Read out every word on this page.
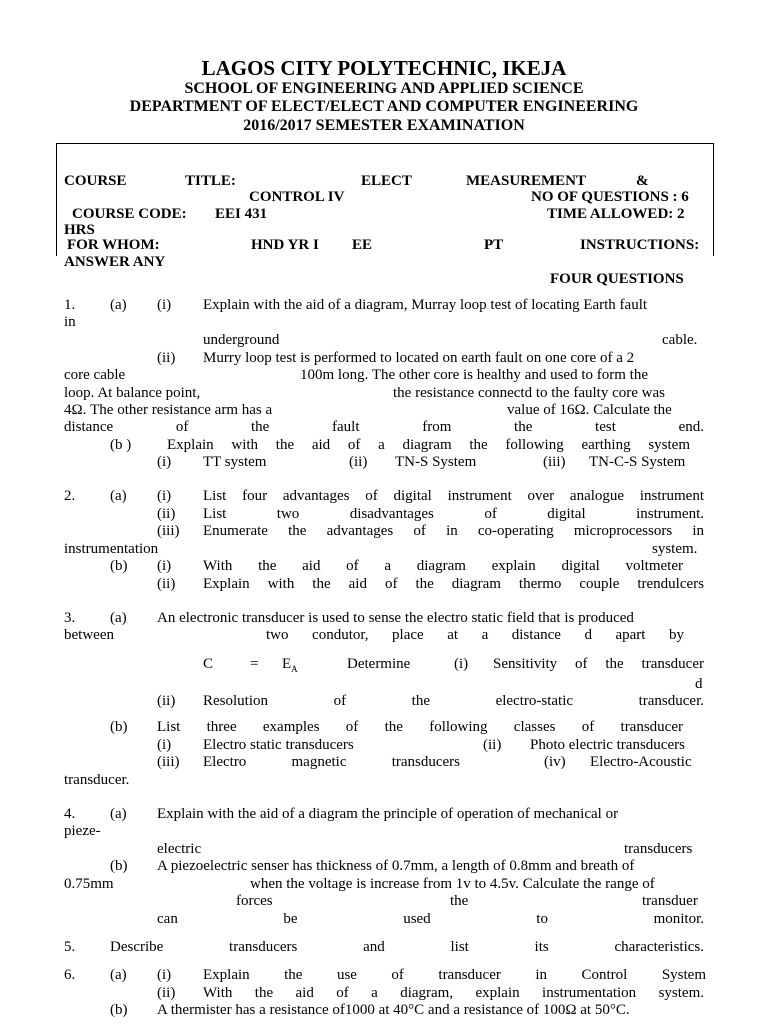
LAGOS CITY POLYTECHNIC, IKEJA
SCHOOL OF ENGINEERING AND APPLIED SCIENCE
DEPARTMENT OF ELECT/ELECT AND COMPUTER ENGINEERING
2016/2017 SEMESTER EXAMINATION
COURSE	TITLE:	ELECT	MEASUREMENT	&
CONTROL IV	NO OF QUESTIONS : 6
COURSE CODE: EEI 431	TIME ALLOWED: 2
HRS
FOR WHOM:	HND YR I EE	PT	INSTRUCTIONS:
ANSWER ANY
FOUR QUESTIONS
1. (a) (i) Explain with the aid of a diagram, Murray loop test of locating Earth fault
in
underground	cable.
(ii) Murry loop test is performed to located on earth fault on one core of a 2
core cable	100m long. The other core is healthy and used to form the
loop. At balance point,	the resistance connectd to the faulty core was
4Ω. The other resistance arm has a	value of 16Ω. Calculate the
distance of the fault from the test end.
(b ) Explain with the aid of a diagram the following earthing system
(i) TT system	(ii) TN-S System	(iii) TN-C-S System
2. (a) (i) List four advantages of digital instrument over analogue instrument
(ii) List two disadvantages of digital instrument.
(iii) Enumerate the advantages of in co-operating microprocessors in
instrumentation	system.
(b) (i) With the aid of a diagram explain digital voltmeter
(ii) Explain with the aid of the diagram thermo couple trendulcers
3. (a) An electronic transducer is used to sense the electro static field that is produced
between	two condutor, place at a distance d apart by
$C = E_A$	Determine	(i) Sensitivity of the transducer
d
(ii) Resolution of the electro-static transducer.
(b) List three examples of the following classes of transducer
(i) Electro static transducers	(ii) Photo electric transducers
(iii) Electro magnetic transducers	(iv) Electro-Acoustic
transducer.
4. (a) Explain with the aid of a diagram the principle of operation of mechanical or
pieze-
electric	transducers
(b) A piezoelectric senser has thickness of 0.7mm, a length of 0.8mm and breath of
0.75mm	when the voltage is increase from 1v to 4.5v. Calculate the range of
forces	the	transduer
can be used to monitor.
5. Describe transducers and list its characteristics.
6. (a) (i) Explain the use of transducer in Control System
(ii) With the aid of a diagram, explain instrumentation system.
(b) A thermister has a resistance of1000 at 40°C and a resistance of 100Ω at 50°C.
